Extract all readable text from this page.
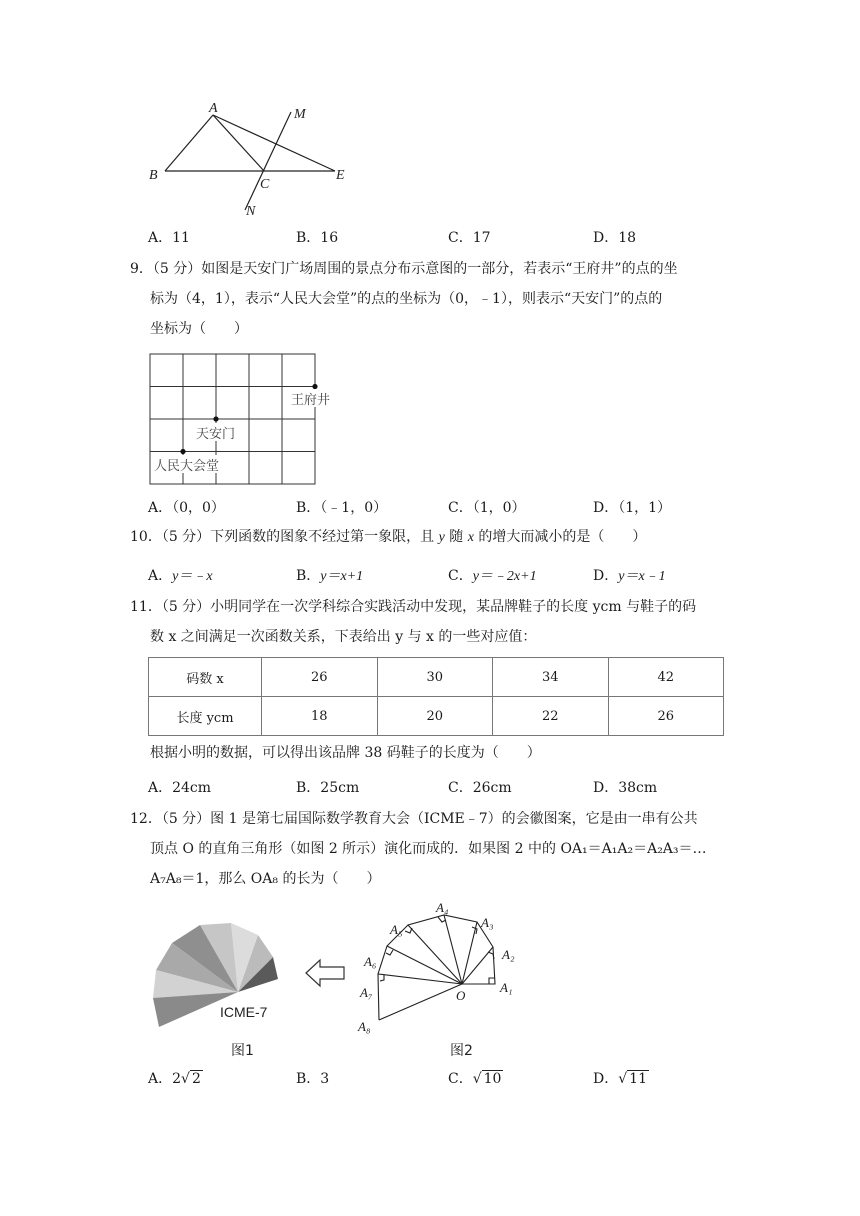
A	M
B
C
E
N
A．11	B．16	C．17	D．18
9．（5 分）如图是天安门广场周围的景点分布示意图的一部分，若表示“王府井”的点的坐
标为（4，1），表示“人民大会堂”的点的坐标为（0，﹣1），则表示“天安门”的点的
坐标为（　　）
王府井
天安门
人民大会堂
A．（0，0）	B．（﹣1，0）	C．（1，0）	D．（1，1）
10．（5 分）下列函数的图象不经过第一象限，且 y 随 x 的增大而减小的是（　　）
A．y＝﹣x	B．y＝x+1	C．y＝﹣2x+1	D．y＝x﹣1
11．（5 分）小明同学在一次学科综合实践活动中发现，某品牌鞋子的长度 ycm 与鞋子的码
数 x 之间满足一次函数关系，下表给出 y 与 x 的一些对应值：
码数 x	26	30	34	42
长度 ycm	18	20	22	26
根据小明的数据，可以得出该品牌 38 码鞋子的长度为（　　）
A．24cm	B．25cm	C．26cm	D．38cm
12．（5 分）图 1 是第七届国际数学教育大会（ICME﹣7）的会徽图案，它是由一串有公共
顶点 O 的直角三角形（如图 2 所示）演化而成的．如果图 2 中的 OA₁＝A₁A₂＝A₂A₃＝…
A₇A₈＝1，那么 OA₈ 的长为（　　）
ICME-7
图1
O
A₁
A₂
A₃
A₄
A₅
A₆
A₇
A₈
图2
A．2√ 2	B．3	C．√ 10	D．√ 11
